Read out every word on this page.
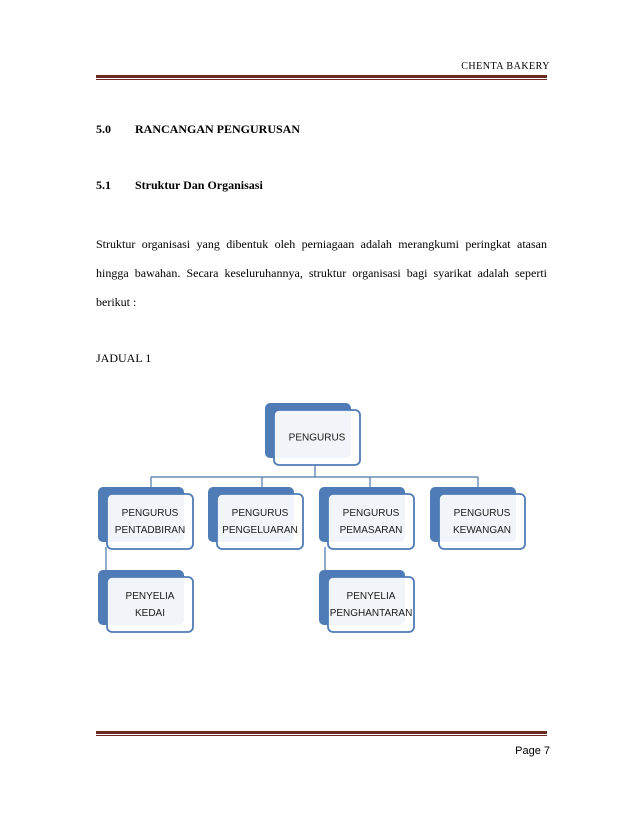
CHENTA BAKERY
5.0 RANCANGAN PENGURUSAN
5.1 Struktur Dan Organisasi
Struktur organisasi yang dibentuk oleh perniagaan adalah merangkumi peringkat atasan hingga bawahan. Secara keseluruhannya, struktur organisasi bagi syarikat adalah seperti berikut :
JADUAL 1
PENGURUS
PENGURUS
PENTADBIRAN
PENGURUS
PENGELUARAN
PENGURUS
PEMASARAN
PENGURUS
KEWANGAN
PENYELIA
KEDAI
PENYELIA
PENGHANTARAN
Page 7
